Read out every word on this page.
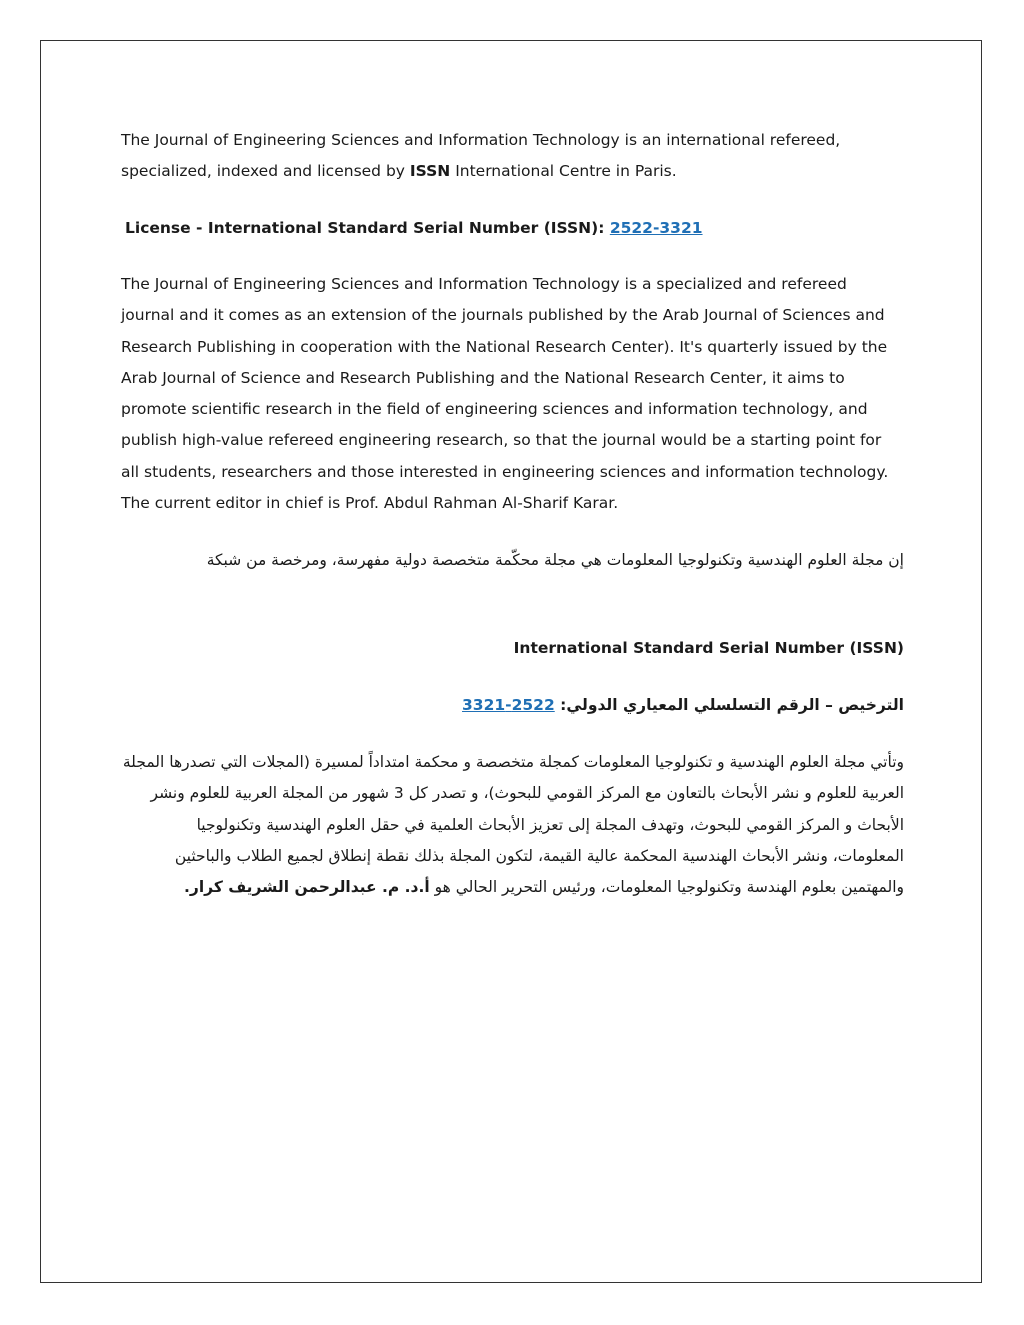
The Journal of Engineering Sciences and Information Technology is an international refereed, specialized, indexed and licensed by ISSN International Centre in Paris.

License - International Standard Serial Number (ISSN): 2522-3321

The Journal of Engineering Sciences and Information Technology is a specialized and refereed journal and it comes as an extension of the journals published by the Arab Journal of Sciences and Research Publishing in cooperation with the National Research Center). It's quarterly issued by the Arab Journal of Science and Research Publishing and the National Research Center, it aims to promote scientific research in the field of engineering sciences and information technology, and publish high-value refereed engineering research, so that the journal would be a starting point for all students, researchers and those interested in engineering sciences and information technology. The current editor in chief is Prof. Abdul Rahman Al-Sharif Karar.

إن مجلة العلوم الهندسية وتكنولوجيا المعلومات هي مجلة محكّمة متخصصة دولية مفهرسة، ومرخصة من شبكة

International Standard Serial Number (ISSN)

الترخيص – الرقم التسلسلي المعياري الدولي: 2522-3321

وتأتي مجلة العلوم الهندسية و تكنولوجيا المعلومات كمجلة متخصصة و محكمة امتداداً لمسيرة (المجلات التي تصدرها المجلة العربية للعلوم و نشر الأبحاث بالتعاون مع المركز القومي للبحوث)، و تصدر كل 3 شهور من المجلة العربية للعلوم ونشر الأبحاث و المركز القومي للبحوث، وتهدف المجلة إلى تعزيز الأبحاث العلمية في حقل العلوم الهندسية وتكنولوجيا المعلومات، ونشر الأبحاث الهندسية المحكمة عالية القيمة، لتكون المجلة بذلك نقطة إنطلاق لجميع الطلاب والباحثين والمهتمين بعلوم الهندسة وتكنولوجيا المعلومات، ورئيس التحرير الحالي هو أ.د. م. عبدالرحمن الشريف كرار.
